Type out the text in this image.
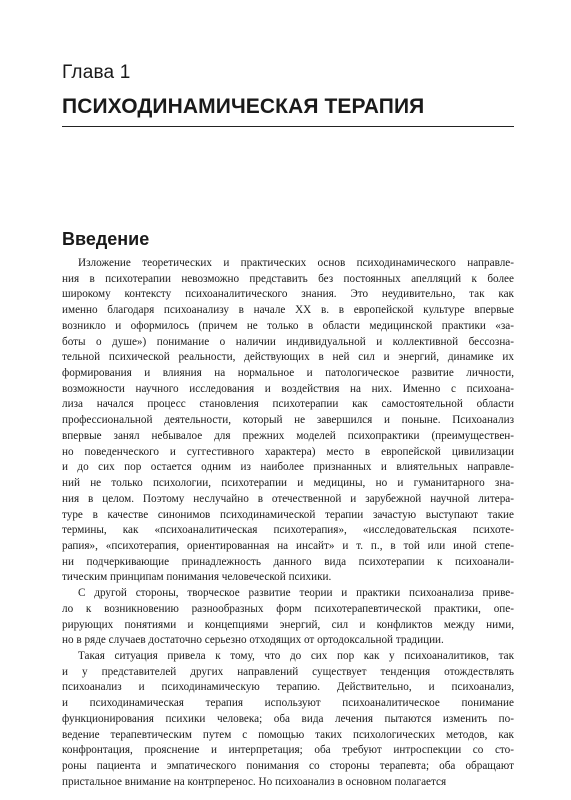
Глава 1
ПСИХОДИНАМИЧЕСКАЯ ТЕРАПИЯ
Введение
Изложение теоретических и практических основ психодинамического направле-
ния в психотерапии невозможно представить без постоянных апелляций к более
широкому контексту психоаналитического знания. Это неудивительно, так как
именно благодаря психоанализу в начале XX в. в европейской культуре впервые
возникло и оформилось (причем не только в области медицинской практики «за-
боты о душе») понимание о наличии индивидуальной и коллективной бессозна-
тельной психической реальности, действующих в ней сил и энергий, динамике их
формирования и влияния на нормальное и патологическое развитие личности,
возможности научного исследования и воздействия на них. Именно с психоана-
лиза начался процесс становления психотерапии как самостоятельной области
профессиональной деятельности, который не завершился и поныне. Психоанализ
впервые занял небывалое для прежних моделей психопрактики (преимуществен-
но поведенческого и суггестивного характера) место в европейской цивилизации
и до сих пор остается одним из наиболее признанных и влиятельных направле-
ний не только психологии, психотерапии и медицины, но и гуманитарного зна-
ния в целом. Поэтому неслучайно в отечественной и зарубежной научной литера-
туре в качестве синонимов психодинамической терапии зачастую выступают такие
термины, как «психоаналитическая психотерапия», «исследовательская психоте-
рапия», «психотерапия, ориентированная на инсайт» и т. п., в той или иной степе-
ни подчеркивающие принадлежность данного вида психотерапии к психоанали-
тическим принципам понимания человеческой психики.
С другой стороны, творческое развитие теории и практики психоанализа приве-
ло к возникновению разнообразных форм психотерапевтической практики, опе-
рирующих понятиями и концепциями энергий, сил и конфликтов между ними,
но в ряде случаев достаточно серьезно отходящих от ортодоксальной традиции.
Такая ситуация привела к тому, что до сих пор как у психоаналитиков, так
и у представителей других направлений существует тенденция отождествлять
психоанализ и психодинамическую терапию. Действительно, и психоанализ,
и психодинамическая терапия используют психоаналитическое понимание
функционирования психики человека; оба вида лечения пытаются изменить по-
ведение терапевтическим путем с помощью таких психологических методов, как
конфронтация, прояснение и интерпретация; оба требуют интроспекции со сто-
роны пациента и эмпатического понимания со стороны терапевта; оба обращают
пристальное внимание на контрперенос. Но психоанализ в основном полагается
